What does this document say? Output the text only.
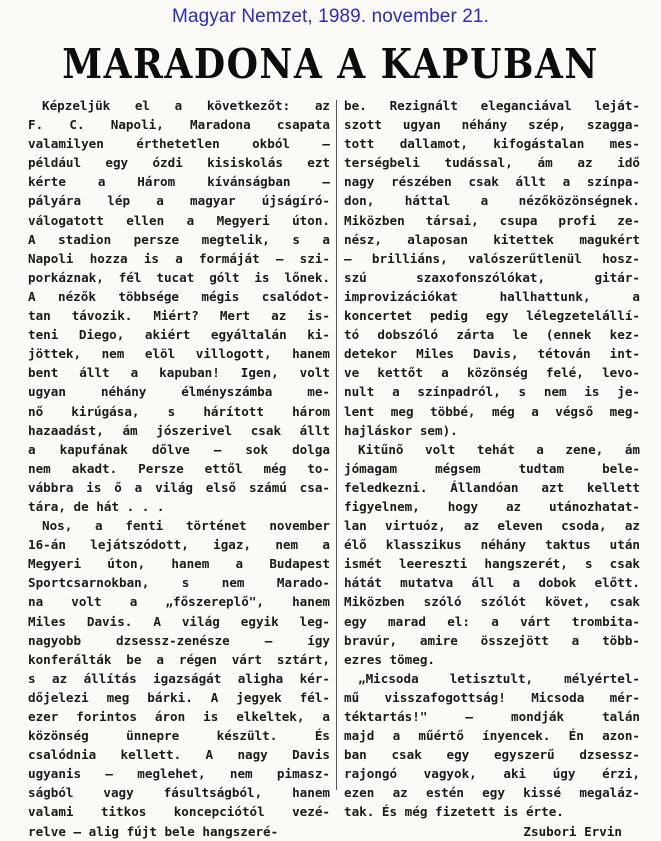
Magyar Nemzet, 1989. november 21.
MARADONA A KAPUBAN
Képzeljük el a következőt: az
F. C. Napoli, Maradona csapata
valamilyen érthetetlen okból —
például egy ózdi kisiskolás ezt
kérte a Három kívánságban —
pályára lép a magyar újságíró-
válogatott ellen a Megyeri úton.
A stadion persze megtelik, s a
Napoli hozza is a formáját — szi-
porkáznak, fél tucat gólt is lőnek.
A nézők többsége mégis csalódot-
tan távozik. Miért? Mert az is-
teni Diego, akiért egyáltalán ki-
jöttek, nem elöl villogott, hanem
bent állt a kapuban! Igen, volt
ugyan néhány élményszámba me-
nő kirúgása, s hárított három
hazaadást, ám jószerivel csak állt
a kapufának dőlve — sok dolga
nem akadt. Persze ettől még to-
vábbra is ő a világ első számú csa-
tára, de hát . . .
Nos, a fenti történet november
16-án lejátszódott, igaz, nem a
Megyeri úton, hanem a Budapest
Sportcsarnokban, s nem Marado-
na volt a „főszereplő", hanem
Miles Davis. A világ egyik leg-
nagyobb dzsessz-zenésze — így
konferálták be a régen várt sztárt,
s az állítás igazságát aligha kér-
dőjelezi meg bárki. A jegyek fél-
ezer forintos áron is elkeltek, a
közönség ünnepre készült. És
csalódnia kellett. A nagy Davis
ugyanis — meglehet, nem pimasz-
ságból vagy fásultságból, hanem
valami titkos koncepciótól vezé-
relve — alig fújt bele hangszeré-
be. Rezignált eleganciával leját-
szott ugyan néhány szép, szagga-
tott dallamot, kifogástalan mes-
terségbeli tudással, ám az idő
nagy részében csak állt a színpa-
don, háttal a nézőközönségnek.
Miközben társai, csupa profi ze-
nész, alaposan kitettek magukért
— brilliáns, valószerűtlenül hosz-
szú szaxofonszólókat, gitár-
improvizációkat hallhattunk, a
koncertet pedig egy lélegzetelállí-
tó dobszóló zárta le (ennek kez-
detekor Miles Davis, tétován int-
ve kettőt a közönség felé, levo-
nult a színpadról, s nem is je-
lent meg többé, még a végső meg-
hajláskor sem).
Kitűnő volt tehát a zene, ám
jómagam mégsem tudtam bele-
feledkezni. Állandóan azt kellett
figyelnem, hogy az utánozhatat-
lan virtuóz, az eleven csoda, az
élő klasszikus néhány taktus után
ismét leereszti hangszerét, s csak
hátát mutatva áll a dobok előtt.
Miközben szóló szólót követ, csak
egy marad el: a várt trombita-
bravúr, amire összejött a több-
ezres tömeg.
„Micsoda letisztult, mélyértel-
mű visszafogottság! Micsoda mér-
téktartás!" — mondják talán
majd a műértő ínyencek. Én azon-
ban csak egy egyszerű dzsessz-
rajongó vagyok, aki úgy érzi,
ezen az estén egy kissé megaláz-
tak. És még fizetett is érte.
Zsubori Ervin
